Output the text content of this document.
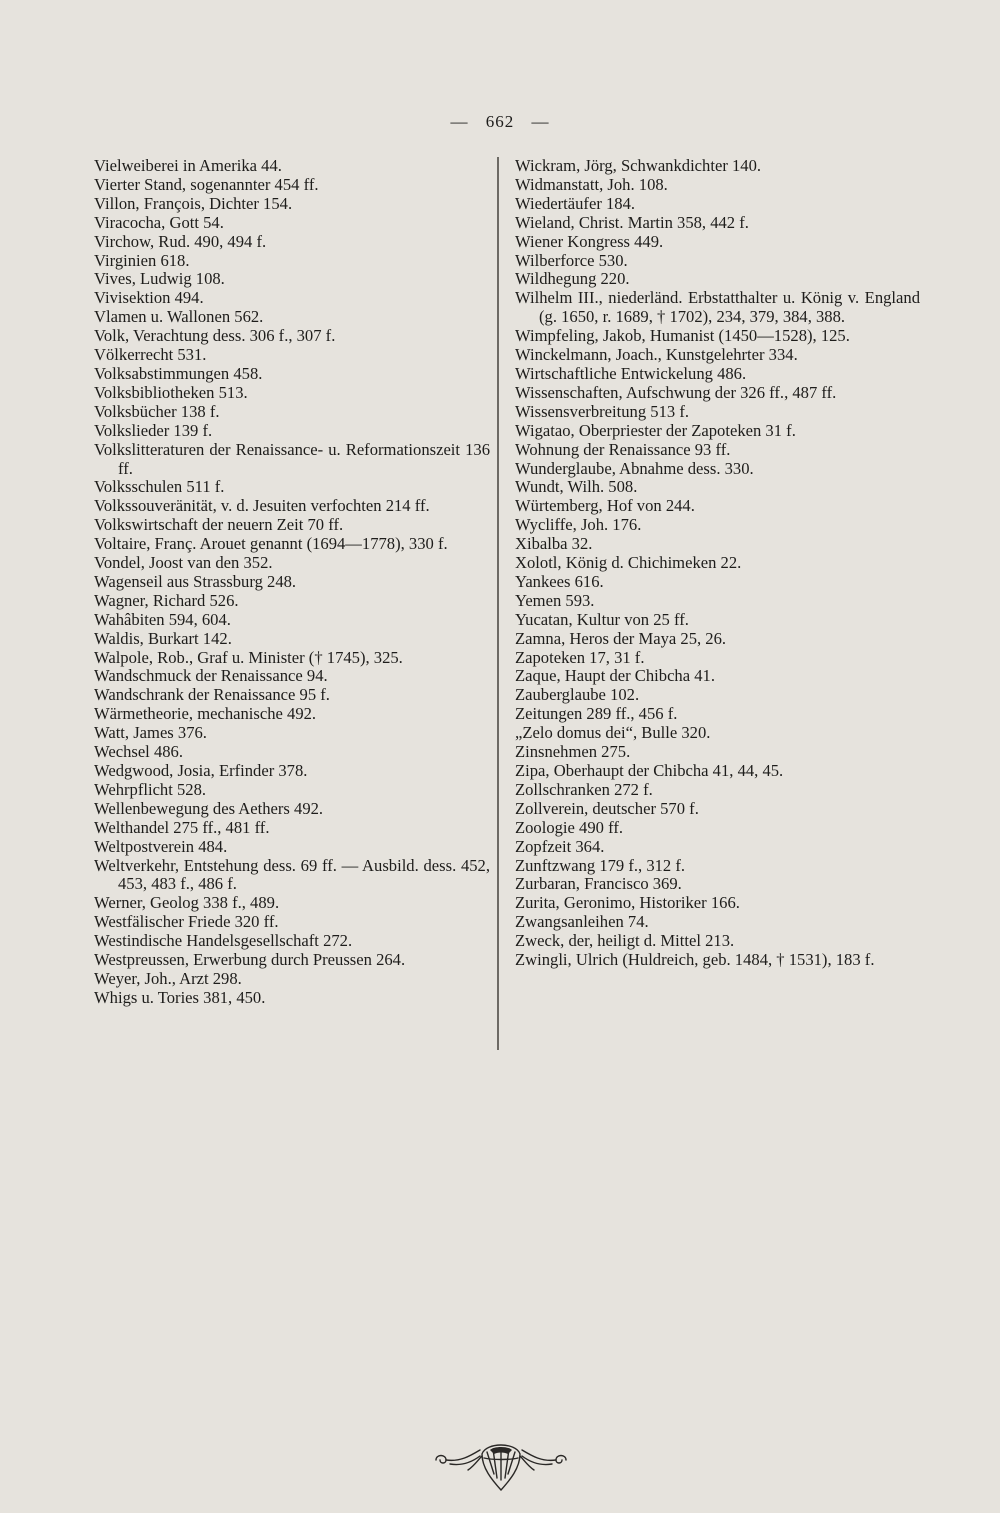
— 662 —
Vielweiberei in Amerika 44.
Vierter Stand, sogenannter 454 ff.
Villon, François, Dichter 154.
Viracocha, Gott 54.
Virchow, Rud. 490, 494 f.
Virginien 618.
Vives, Ludwig 108.
Vivisektion 494.
Vlamen u. Wallonen 562.
Volk, Verachtung dess. 306 f., 307 f.
Völkerrecht 531.
Volksabstimmungen 458.
Volksbibliotheken 513.
Volksbücher 138 f.
Volkslieder 139 f.
Volkslitteraturen der Renaissance- u. Reformationszeit 136 ff.
Volksschulen 511 f.
Volkssouveränität, v. d. Jesuiten verfochten 214 ff.
Volkswirtschaft der neuern Zeit 70 ff.
Voltaire, Franç. Arouet genannt (1694—1778), 330 f.
Vondel, Joost van den 352.
Wagenseil aus Strassburg 248.
Wagner, Richard 526.
Wahâbiten 594, 604.
Waldis, Burkart 142.
Walpole, Rob., Graf u. Minister († 1745), 325.
Wandschmuck der Renaissance 94.
Wandschrank der Renaissance 95 f.
Wärmetheorie, mechanische 492.
Watt, James 376.
Wechsel 486.
Wedgwood, Josia, Erfinder 378.
Wehrpflicht 528.
Wellenbewegung des Aethers 492.
Welthandel 275 ff., 481 ff.
Weltpostverein 484.
Weltverkehr, Entstehung dess. 69 ff. — Ausbild. dess. 452, 453, 483 f., 486 f.
Werner, Geolog 338 f., 489.
Westfälischer Friede 320 ff.
Westindische Handelsgesellschaft 272.
Westpreussen, Erwerbung durch Preussen 264.
Weyer, Joh., Arzt 298.
Whigs u. Tories 381, 450.
Wickram, Jörg, Schwankdichter 140.
Widmanstatt, Joh. 108.
Wiedertäufer 184.
Wieland, Christ. Martin 358, 442 f.
Wiener Kongress 449.
Wilberforce 530.
Wildhegung 220.
Wilhelm III., niederländ. Erbstatthalter u. König v. England (g. 1650, r. 1689, † 1702), 234, 379, 384, 388.
Wimpfeling, Jakob, Humanist (1450—1528), 125.
Winckelmann, Joach., Kunstgelehrter 334.
Wirtschaftliche Entwickelung 486.
Wissenschaften, Aufschwung der 326 ff., 487 ff.
Wissensverbreitung 513 f.
Wigatao, Oberpriester der Zapoteken 31 f.
Wohnung der Renaissance 93 ff.
Wunderglaube, Abnahme dess. 330.
Wundt, Wilh. 508.
Würtemberg, Hof von 244.
Wycliffe, Joh. 176.
Xibalba 32.
Xolotl, König d. Chichimeken 22.
Yankees 616.
Yemen 593.
Yucatan, Kultur von 25 ff.
Zamna, Heros der Maya 25, 26.
Zapoteken 17, 31 f.
Zaque, Haupt der Chibcha 41.
Zauberglaube 102.
Zeitungen 289 ff., 456 f.
„Zelo domus dei“, Bulle 320.
Zinsnehmen 275.
Zipa, Oberhaupt der Chibcha 41, 44, 45.
Zollschranken 272 f.
Zollverein, deutscher 570 f.
Zoologie 490 ff.
Zopfzeit 364.
Zunftzwang 179 f., 312 f.
Zurbaran, Francisco 369.
Zurita, Geronimo, Historiker 166.
Zwangsanleihen 74.
Zweck, der, heiligt d. Mittel 213.
Zwingli, Ulrich (Huldreich, geb. 1484, † 1531), 183 f.
